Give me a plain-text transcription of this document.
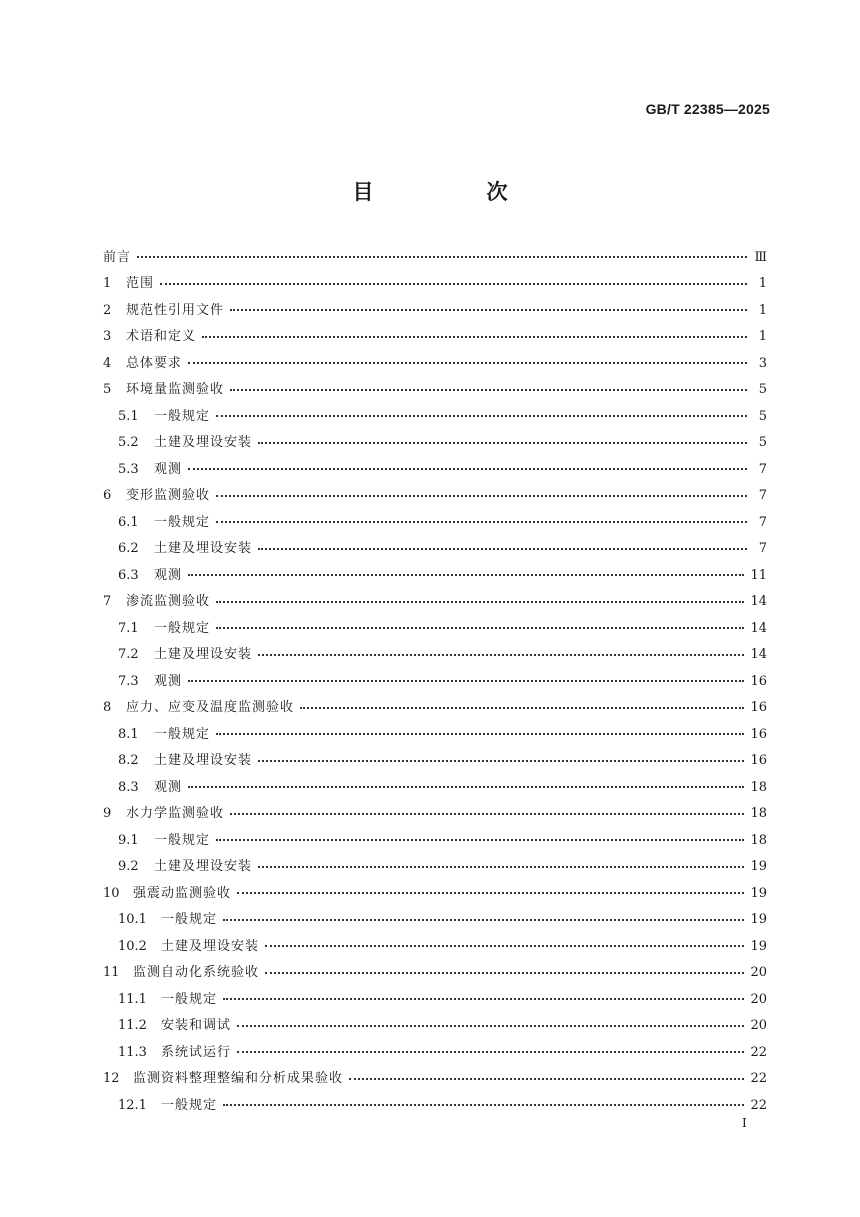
GB/T 22385—2025
目　次
前言	Ⅲ
1	范围	1
2	规范性引用文件	1
3	术语和定义	1
4	总体要求	3
5	环境量监测验收	5
5.1	一般规定	5
5.2	土建及埋设安装	5
5.3	观测	7
6	变形监测验收	7
6.1	一般规定	7
6.2	土建及埋设安装	7
6.3	观测	11
7	渗流监测验收	14
7.1	一般规定	14
7.2	土建及埋设安装	14
7.3	观测	16
8	应力、应变及温度监测验收	16
8.1	一般规定	16
8.2	土建及埋设安装	16
8.3	观测	18
9	水力学监测验收	18
9.1	一般规定	18
9.2	土建及埋设安装	19
10	强震动监测验收	19
10.1	一般规定	19
10.2	土建及埋设安装	19
11	监测自动化系统验收	20
11.1	一般规定	20
11.2	安装和调试	20
11.3	系统试运行	22
12	监测资料整理整编和分析成果验收	22
12.1	一般规定	22
Ⅰ
